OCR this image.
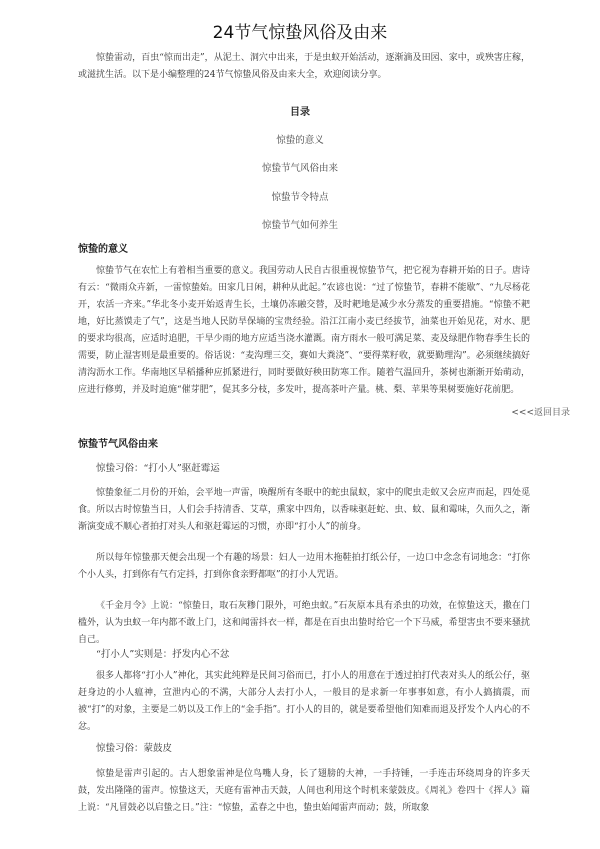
24节气惊蛰风俗及由来

惊蛰雷动，百虫“惊而出走”，从泥土、洞穴中出来，于是虫蚁开始活动，逐渐滴及田园、家中，或殃害庄稼，或滋扰生活。以下是小编整理的24节气惊蛰风俗及由来大全，欢迎阅读分享。

目录
惊蛰的意义
惊蛰节气风俗由来
惊蛰节令特点
惊蛰节气如何养生
惊蛰的意义

惊蛰节气在农忙上有着相当重要的意义。我国劳动人民自古很重视惊蛰节气，把它视为春耕开始的日子。唐诗有云：“微雨众卉新，一雷惊蛰始。田家几日闲，耕种从此起。”农谚也说：“过了惊蛰节，春耕不能歇”、“九尽杨花开，农活一齐来。”华北冬小麦开始返青生长，土壤仍冻融交替，及时耙地是减少水分蒸发的重要措施。“惊蛰不耙地，好比蒸馍走了气”，这是当地人民防旱保墒的宝贵经验。沿江江南小麦已经拔节，油菜也开始见花，对水、肥的要求均很高，应适时追肥，干旱少雨的地方应适当浇水灌溉。南方雨水一般可满足菜、麦及绿肥作物春季生长的需要，防止湿害则是最重要的。俗话说：“麦沟理三交，赛如大粪浇”、“要得菜籽收，就要勤理沟”。必须继续搞好清沟沥水工作。华南地区早稻播种应抓紧进行，同时要做好秧田防寒工作。随着气温回升，茶树也渐渐开始萌动，应进行修剪，并及时追施“催芽肥”，促其多分枝，多发叶，提高茶叶产量。桃、梨、苹果等果树要施好花前肥。

<<<返回目录
惊蛰节气风俗由来
惊蛰习俗：“打小人”驱赶霉运

惊蛰象征二月份的开始，会平地一声雷，唤醒所有冬眠中的蛇虫鼠蚁，家中的爬虫走蚁又会应声而起，四处觅食。所以古时惊蛰当日，人们会手持清香、艾草，熏家中四角，以香味驱赶蛇、虫、蚊、鼠和霉味，久而久之，渐渐演变成不顺心者拍打对头人和驱赶霉运的习惯，亦即“打小人”的前身。

所以每年惊蛰那天便会出现一个有趣的场景：妇人一边用木拖鞋拍打纸公仔，一边口中念念有词地念：“打你个小人头，打到你有气冇定抖，打到你食亲野都呕”的打小人咒语。

《千金月令》上说：“惊蛰日，取石灰糁门限外，可绝虫蚁。”石灰原本具有杀虫的功效，在惊蛰这天，撒在门槛外，认为虫蚁一年内都不敢上门，这和闻雷抖衣一样，都是在百虫出蛰时给它一个下马威，希望害虫不要来骚扰自己。

“打小人”实则是：抒发内心不忿

很多人都将“打小人”神化，其实此纯粹是民间习俗而已，打小人的用意在于透过拍打代表对头人的纸公仔，驱赶身边的小人瘟神，宣泄内心的不满，大部分人去打小人，一般目的是求新一年事事如意，有小人搞搞震，而被“打”的对象，主要是二奶以及工作上的“金手指”。打小人的目的，就是要希望他们知难而退及抒发个人内心的不忿。

惊蛰习俗：蒙鼓皮

惊蛰是雷声引起的。古人想象雷神是位鸟嘴人身，长了翅膀的大神，一手持锤，一手连击环绕周身的许多天鼓，发出隆隆的雷声。惊蛰这天，天庭有雷神击天鼓，人间也利用这个时机来蒙鼓皮。《周礼》卷四十《挥人》篇上说：“凡冒鼓必以启蛰之日。”注：“惊蛰，孟春之中也，蛰虫始闻雷声而动；鼓，所取象
